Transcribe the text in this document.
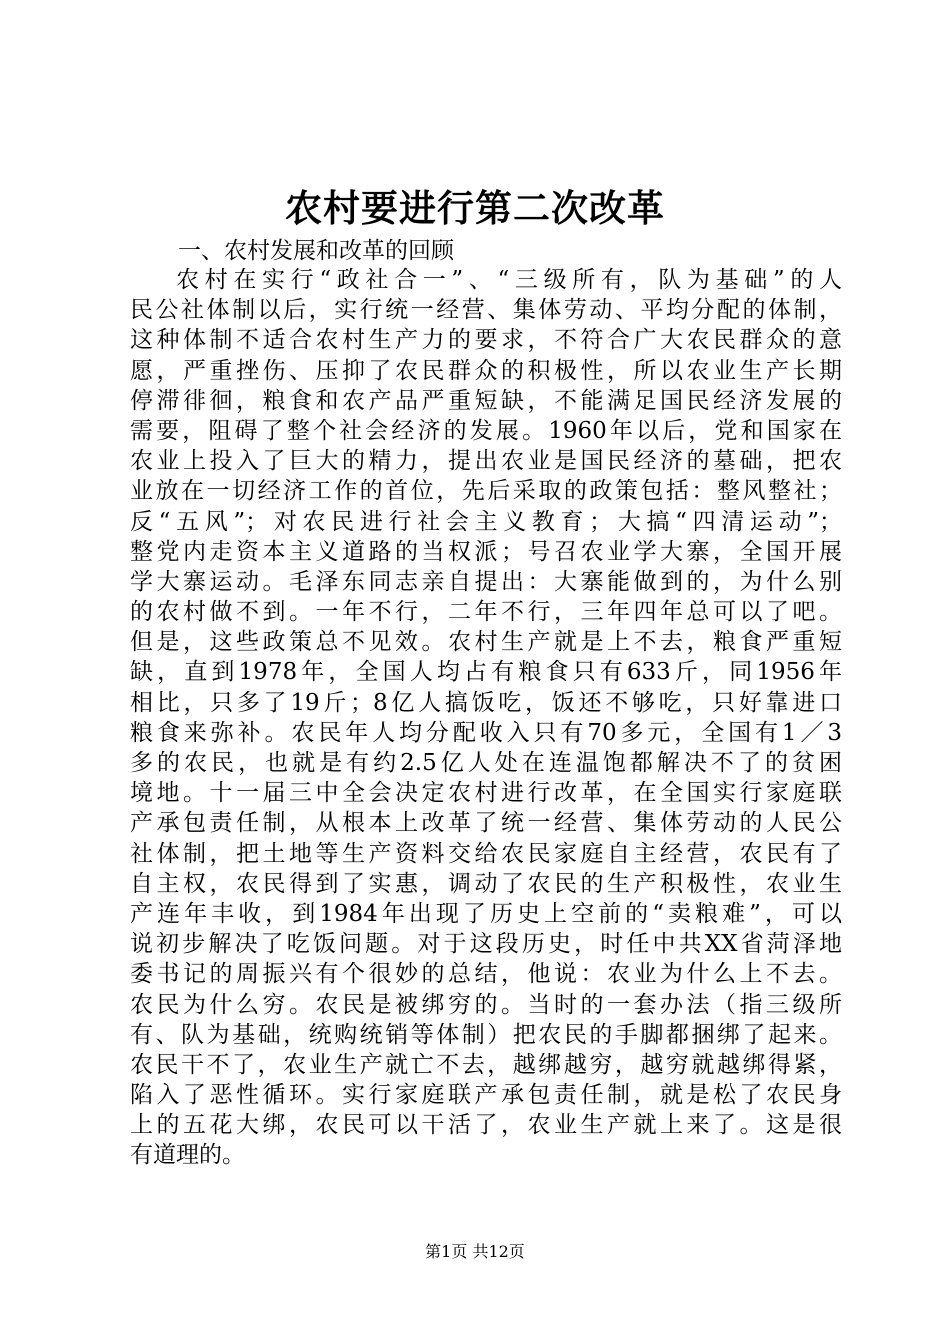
农村要进行第二次改革

一、农村发展和改革的回顾

农村在实行“政社合一”、“三级所有，队为基础”的人
民公社体制以后，实行统一经营、集体劳动、平均分配的体制，
这种体制不适合农村生产力的要求，不符合广大农民群众的意
愿，严重挫伤、压抑了农民群众的积极性，所以农业生产长期
停滞徘徊，粮食和农产品严重短缺，不能满足国民经济发展的
需要，阻碍了整个社会经济的发展。1960年以后，党和国家在
农业上投入了巨大的精力，提出农业是国民经济的墓础，把农
业放在一切经济工作的首位，先后采取的政策包括：整风整社；
反“五风”；对农民进行社会主义教育；大搞“四清运动”；
整党内走资本主义道路的当权派；号召农业学大寨，全国开展
学大寨运动。毛泽东同志亲自提出：大寨能做到的，为什么别
的农村做不到。一年不行，二年不行，三年四年总可以了吧。
但是，这些政策总不见效。农村生产就是上不去，粮食严重短
缺，直到1978年，全国人均占有粮食只有633斤，同1956年
相比，只多了19斤；8亿人搞饭吃，饭还不够吃，只好靠进口
粮食来弥补。农民年人均分配收入只有70多元，全国有1／3
多的农民，也就是有约2.5亿人处在连温饱都解决不了的贫困
境地。十一届三中全会决定农村进行改革，在全国实行家庭联
产承包责任制，从根本上改革了统一经营、集体劳动的人民公
社体制，把土地等生产资料交给农民家庭自主经营，农民有了
自主权，农民得到了实惠，调动了农民的生产积极性，农业生
产连年丰收，到1984年出现了历史上空前的“卖粮难”，可以
说初步解决了吃饭问题。对于这段历史，时任中共XX省菏泽地
委书记的周振兴有个很妙的总结，他说：农业为什么上不去。
农民为什么穷。农民是被绑穷的。当时的一套办法（指三级所
有、队为基础，统购统销等体制）把农民的手脚都捆绑了起来。
农民干不了，农业生产就亡不去，越绑越穷，越穷就越绑得紧，
陷入了恶性循环。实行家庭联产承包责任制，就是松了农民身
上的五花大绑，农民可以干活了，农业生产就上来了。这是很
有道理的。

第1页 共12页
